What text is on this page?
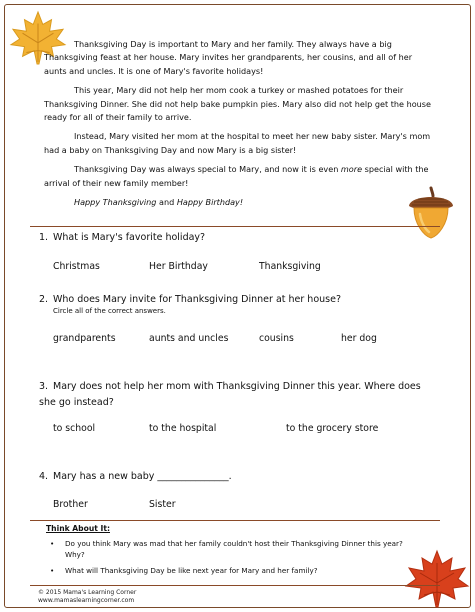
Thanksgiving Day is important to Mary and her family. They always have a big Thanksgiving feast at her house. Mary invites her grandparents, her cousins, and all of her aunts and uncles. It is one of Mary's favorite holidays!

This year, Mary did not help her mom cook a turkey or mashed potatoes for their Thanksgiving Dinner. She did not help bake pumpkin pies. Mary also did not help get the house ready for all of their family to arrive.

Instead, Mary visited her mom at the hospital to meet her new baby sister. Mary's mom had a baby on Thanksgiving Day and now Mary is a big sister!

Thanksgiving Day was always special to Mary, and now it is even more special with the arrival of their new family member!

Happy Thanksgiving and Happy Birthday!

1. What is Mary's favorite holiday?
Christmas	Her Birthday	Thanksgiving
2. Who does Mary invite for Thanksgiving Dinner at her house?
Circle all of the correct answers.
grandparents	aunts and uncles	cousins	her dog
3. Mary does not help her mom with Thanksgiving Dinner this year. Where does she go instead?
to school	to the hospital	to the grocery store
4. Mary has a new baby _______________.
Brother	Sister
Think About It:
• Do you think Mary was mad that her family couldn't host their Thanksgiving Dinner this year? Why?
• What will Thanksgiving Day be like next year for Mary and her family?
© 2015 Mama's Learning Corner
www.mamaslearningcorner.com
